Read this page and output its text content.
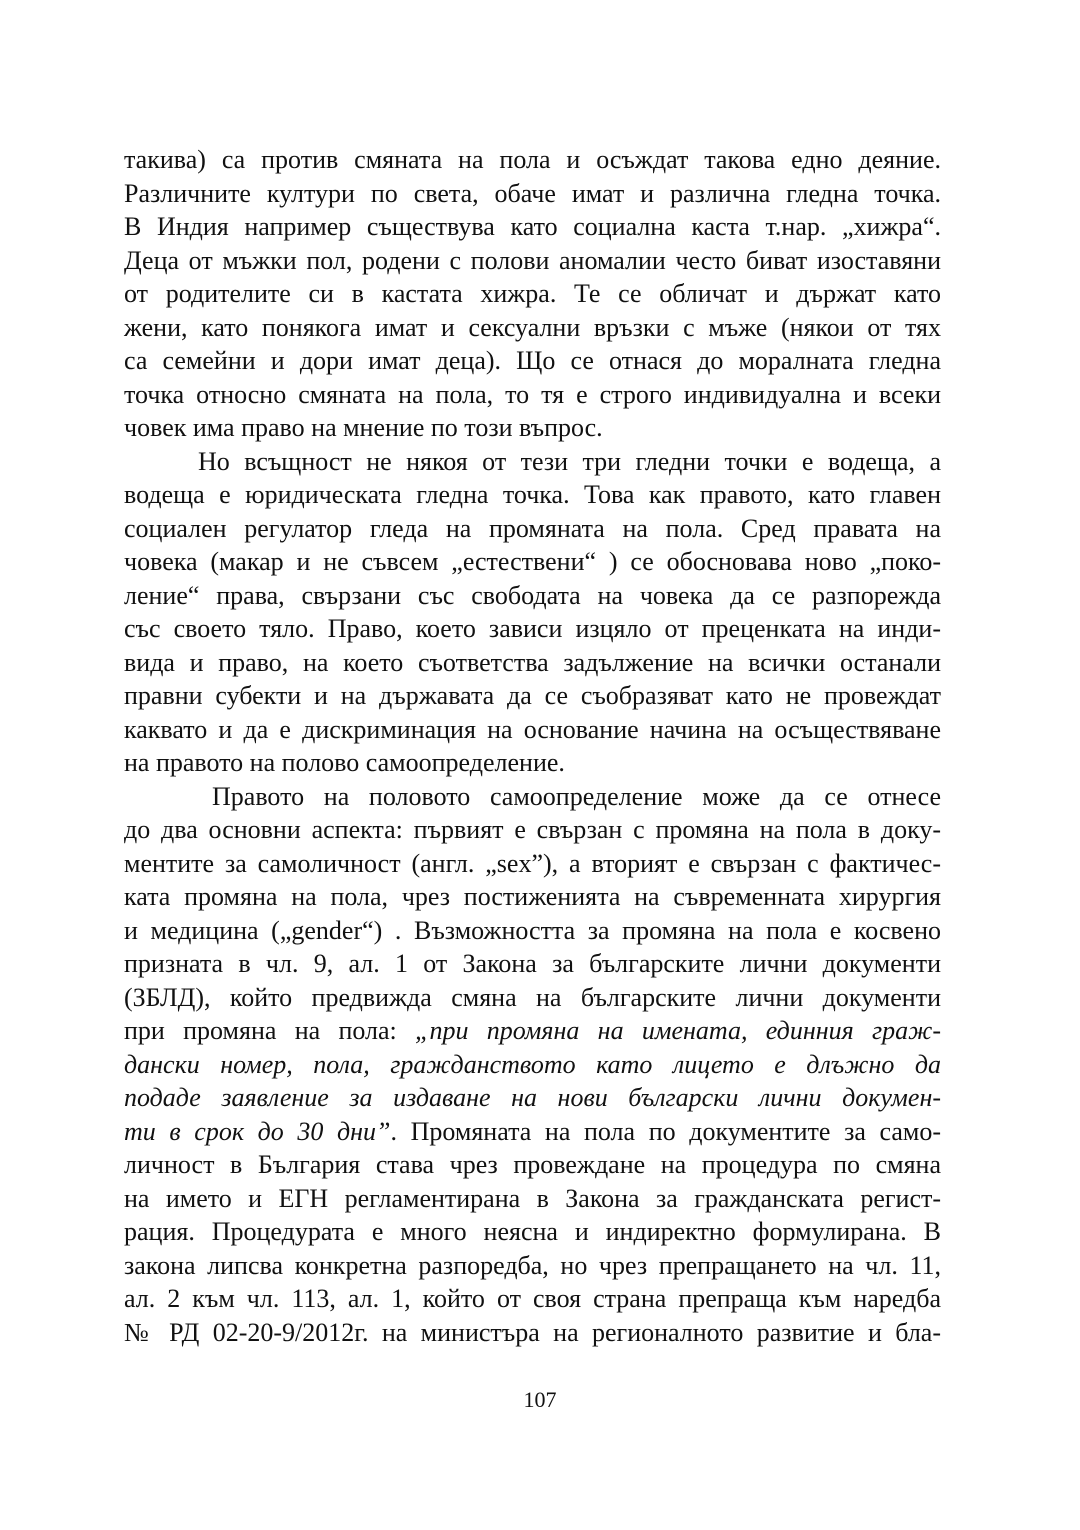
такива) са против смяната на пола и осъждат такова едно деяние.
Различните култури по света, обаче имат и различна гледна точка.
В Индия например съществува като социална каста т.нар. „хижра“.
Деца от мъжки пол, родени с полови аномалии често биват изоставяни
от родителите си в кастата хижра. Те се обличат и държат като
жени, като понякога имат и сексуални връзки с мъже (някои от тях
са семейни и дори имат деца). Що се отнася до моралната гледна
точка относно смяната на пола, то тя е строго индивидуална и всеки
човек има право на мнение по този въпрос.
Но всъщност не някоя от тези три гледни точки е водеща, а
водеща е юридическата гледна точка. Това как правото, като главен
социален регулатор гледа на промяната на пола. Сред правата на
човека (макар и не съвсем „естествени“ ) се обосновава ново „поко-
ление“ права, свързани със свободата на човека да се разпорежда
със своето тяло. Право, което зависи изцяло от преценката на инди-
вида и право, на което съответства задължение на всички останали
правни субекти и на държавата да се съобразяват като не провеждат
каквато и да е дискриминация на основание начина на осъществяване
на правото на полово самоопределение.
Правото на половото самоопределение може да се отнесе
до два основни аспекта: първият е свързан с промяна на пола в доку-
ментите за самоличност (англ. „sex”), а вторият е свързан с фактичес-
ката промяна на пола, чрез постиженията на съвременната хирургия
и медицина („gender“) . Възможността за промяна на пола е косвено
призната в чл. 9, ал. 1 от Закона за българските лични документи
(ЗБЛД), който предвижда смяна на българските лични документи
при промяна на пола: „при промяна на имената, единния граж-
дански номер, пола, гражданството като лицето е длъжно да
подаде заявление за издаване на нови български лични докумен-
ти в срок до 30 дни”. Промяната на пола по документите за само-
личност в България става чрез провеждане на процедура по смяна
на името и ЕГН регламентирана в Закона за гражданската регист-
рация. Процедурата е много неясна и индиректно формулирана. В
закона липсва конкретна разпоредба, но чрез препращането на чл. 11,
ал. 2 към чл. 113, ал. 1, който от своя страна препраща към наредба
№ РД 02-20-9/2012г. на министъра на регионалното развитие и бла-
107
